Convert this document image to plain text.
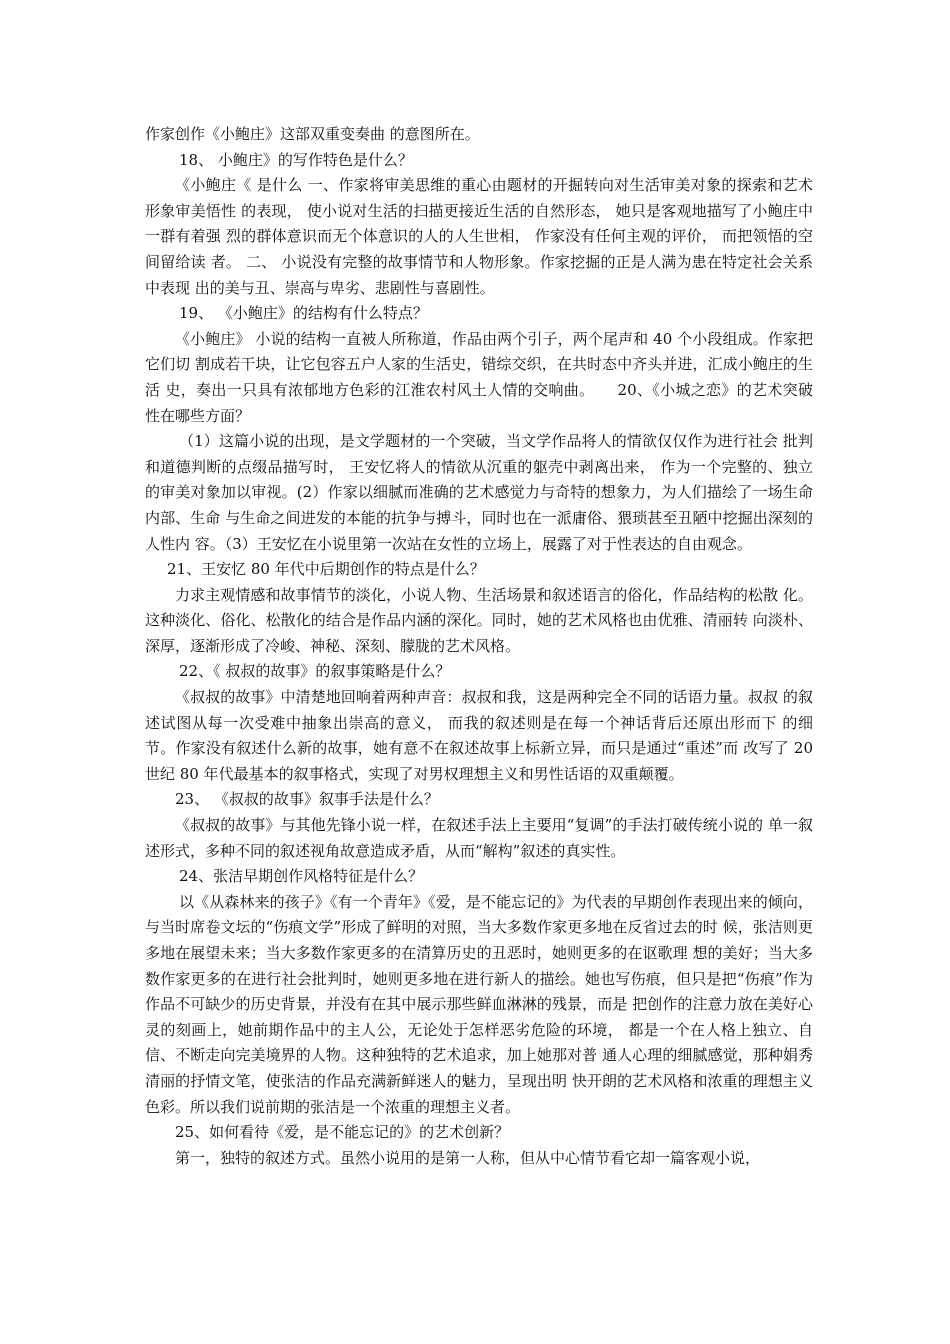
作家创作《小鲍庄》这部双重变奏曲 的意图所在。

18、 小鲍庄》的写作特色是什么？

《小鲍庄《 是什么 一、作家将审美思维的重心由题材的开掘转向对生活审美对象的探索和艺术形象审美悟性 的表现， 使小说对生活的扫描更接近生活的自然形态， 她只是客观地描写了小鲍庄中一群有着强 烈的群体意识而无个体意识的人的人生世相， 作家没有任何主观的评价， 而把领悟的空间留给读 者。 二、 小说没有完整的故事情节和人物形象。作家挖掘的正是人满为患在特定社会关系中表现 出的美与丑、崇高与卑劣、悲剧性与喜剧性。

19、 《小鲍庄》的结构有什么特点？

《小鲍庄》 小说的结构一直被人所称道，作品由两个引子，两个尾声和 40 个小段组成。作家把它们切 割成若干块，让它包容五户人家的生活史，错综交织，在共时态中齐头并进，汇成小鲍庄的生活 史，奏出一只具有浓郁地方色彩的江淮农村风土人情的交响曲。　　20、《小城之恋》的艺术突破性在哪些方面？

（1）这篇小说的出现，是文学题材的一个突破，当文学作品将人的情欲仅仅作为进行社会 批判和道德判断的点缀品描写时， 王安忆将人的情欲从沉重的躯壳中剥离出来， 作为一个完整的、独立的审美对象加以审视。(2）作家以细腻而准确的艺术感觉力与奇特的想象力，为人们描绘了一场生命内部、生命 与生命之间进发的本能的抗争与搏斗，同时也在一派庸俗、猥琐甚至丑陋中挖掘出深刻的人性内 容。（3）王安忆在小说里第一次站在女性的立场上，展露了对于性表达的自由观念。

21、王安忆 80 年代中后期创作的特点是什么？

力求主观情感和故事情节的淡化，小说人物、生活场景和叙述语言的俗化，作品结构的松散 化。这种淡化、俗化、松散化的结合是作品内涵的深化。同时，她的艺术风格也由优雅、清丽转 向淡朴、深厚，逐渐形成了冷峻、神秘、深刻、朦胧的艺术风格。

22、《 叔叔的故事》的叙事策略是什么？

《叔叔的故事》中清楚地回响着两种声音：叔叔和我，这是两种完全不同的话语力量。叔叔 的叙述试图从每一次受难中抽象出崇高的意义， 而我的叙述则是在每一个神话背后还原出形而下 的细节。作家没有叙述什么新的故事，她有意不在叙述故事上标新立异，而只是通过“重述”而 改写了 20 世纪 80 年代最基本的叙事格式，实现了对男权理想主义和男性话语的双重颠覆。

23、 《叔叔的故事》叙事手法是什么？

《叔叔的故事》与其他先锋小说一样，在叙述手法上主要用“复调”的手法打破传统小说的 单一叙述形式，多种不同的叙述视角故意造成矛盾，从而“解构”叙述的真实性。

24、张洁早期创作风格特征是什么？

以《从森林来的孩子》《有一个青年》《爱，是不能忘记的》为代表的早期创作表现出来的倾向，与当时席卷文坛的“伤痕文学”形成了鲜明的对照，当大多数作家更多地在反省过去的时 候，张洁则更多地在展望未来；当大多数作家更多的在清算历史的丑恶时，她则更多的在讴歌理 想的美好；当大多数作家更多的在进行社会批判时，她则更多地在进行新人的描绘。她也写伤痕，但只是把“伤痕”作为作品不可缺少的历史背景，并没有在其中展示那些鲜血淋淋的残景，而是 把创作的注意力放在美好心灵的刻画上，她前期作品中的主人公，无论处于怎样恶劣危险的环境， 都是一个在人格上独立、自信、不断走向完美境界的人物。这种独特的艺术追求，加上她那对普 通人心理的细腻感觉，那种娟秀清丽的抒情文笔，使张洁的作品充满新鲜迷人的魅力，呈现出明 快开朗的艺术风格和浓重的理想主义色彩。所以我们说前期的张洁是一个浓重的理想主义者。

25、如何看待《爱，是不能忘记的》的艺术创新？

第一，独特的叙述方式。虽然小说用的是第一人称，但从中心情节看它却一篇客观小说，
